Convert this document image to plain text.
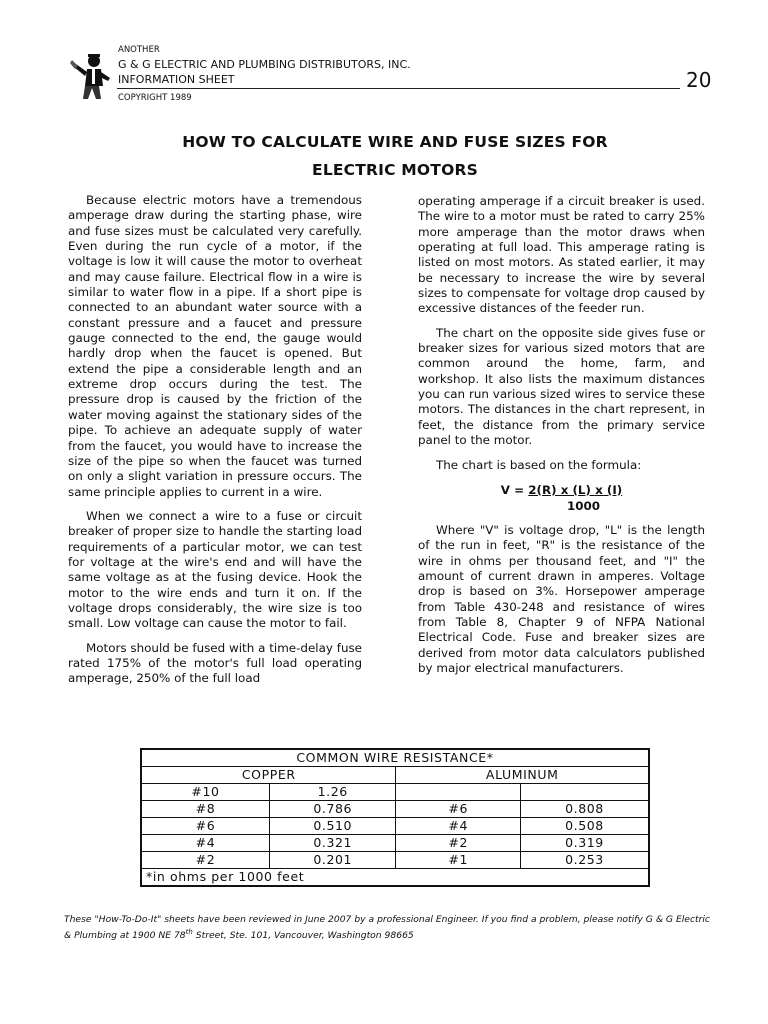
ANOTHER
G & G ELECTRIC AND PLUMBING DISTRIBUTORS, INC.
INFORMATION SHEET
COPYRIGHT 1989
20
HOW TO CALCULATE WIRE AND FUSE SIZES FOR
ELECTRIC MOTORS

Because electric motors have a tremendous amperage draw during the starting phase, wire and fuse sizes must be calculated very carefully. Even during the run cycle of a motor, if the voltage is low it will cause the motor to overheat and may cause failure. Electrical flow in a wire is similar to water flow in a pipe. If a short pipe is connected to an abundant water source with a constant pressure and a faucet and pressure gauge connected to the end, the gauge would hardly drop when the faucet is opened. But extend the pipe a considerable length and an extreme drop occurs during the test. The pressure drop is caused by the friction of the water moving against the stationary sides of the pipe. To achieve an adequate supply of water from the faucet, you would have to increase the size of the pipe so when the faucet was turned on only a slight variation in pressure occurs. The same principle applies to current in a wire.

When we connect a wire to a fuse or circuit breaker of proper size to handle the starting load requirements of a particular motor, we can test for voltage at the wire's end and will have the same voltage as at the fusing device. Hook the motor to the wire ends and turn it on. If the voltage drops considerably, the wire size is too small. Low voltage can cause the motor to fail.

Motors should be fused with a time-delay fuse rated 175% of the motor's full load operating amperage, 250% of the full load

operating amperage if a circuit breaker is used. The wire to a motor must be rated to carry 25% more amperage than the motor draws when operating at full load. This amperage rating is listed on most motors. As stated earlier, it may be necessary to increase the wire by several sizes to compensate for voltage drop caused by excessive distances of the feeder run.

The chart on the opposite side gives fuse or breaker sizes for various sized motors that are common around the home, farm, and workshop. It also lists the maximum distances you can run various sized wires to service these motors. The distances in the chart represent, in feet, the distance from the primary service panel to the motor.

The chart is based on the formula:

V = 2(R) x (L) x (I)
1000

Where "V" is voltage drop, "L" is the length of the run in feet, "R" is the resistance of the wire in ohms per thousand feet, and "I" the amount of current drawn in amperes. Voltage drop is based on 3%. Horsepower amperage from Table 430-248 and resistance of wires from Table 8, Chapter 9 of NFPA National Electrical Code. Fuse and breaker sizes are derived from motor data calculators published by major electrical manufacturers.

COMMON WIRE RESISTANCE*			
COPPER		ALUMINUM	
#10	1.26		
#8	0.786	#6	0.808
#6	0.510	#4	0.508
#4	0.321	#2	0.319
#2	0.201	#1	0.253
*in ohms per 1000 feet			
These "How-To-Do-It" sheets have been reviewed in June 2007 by a professional Engineer. If you find a problem, please notify G & G Electric & Plumbing at 1900 NE 78th Street, Ste. 101, Vancouver, Washington 98665
